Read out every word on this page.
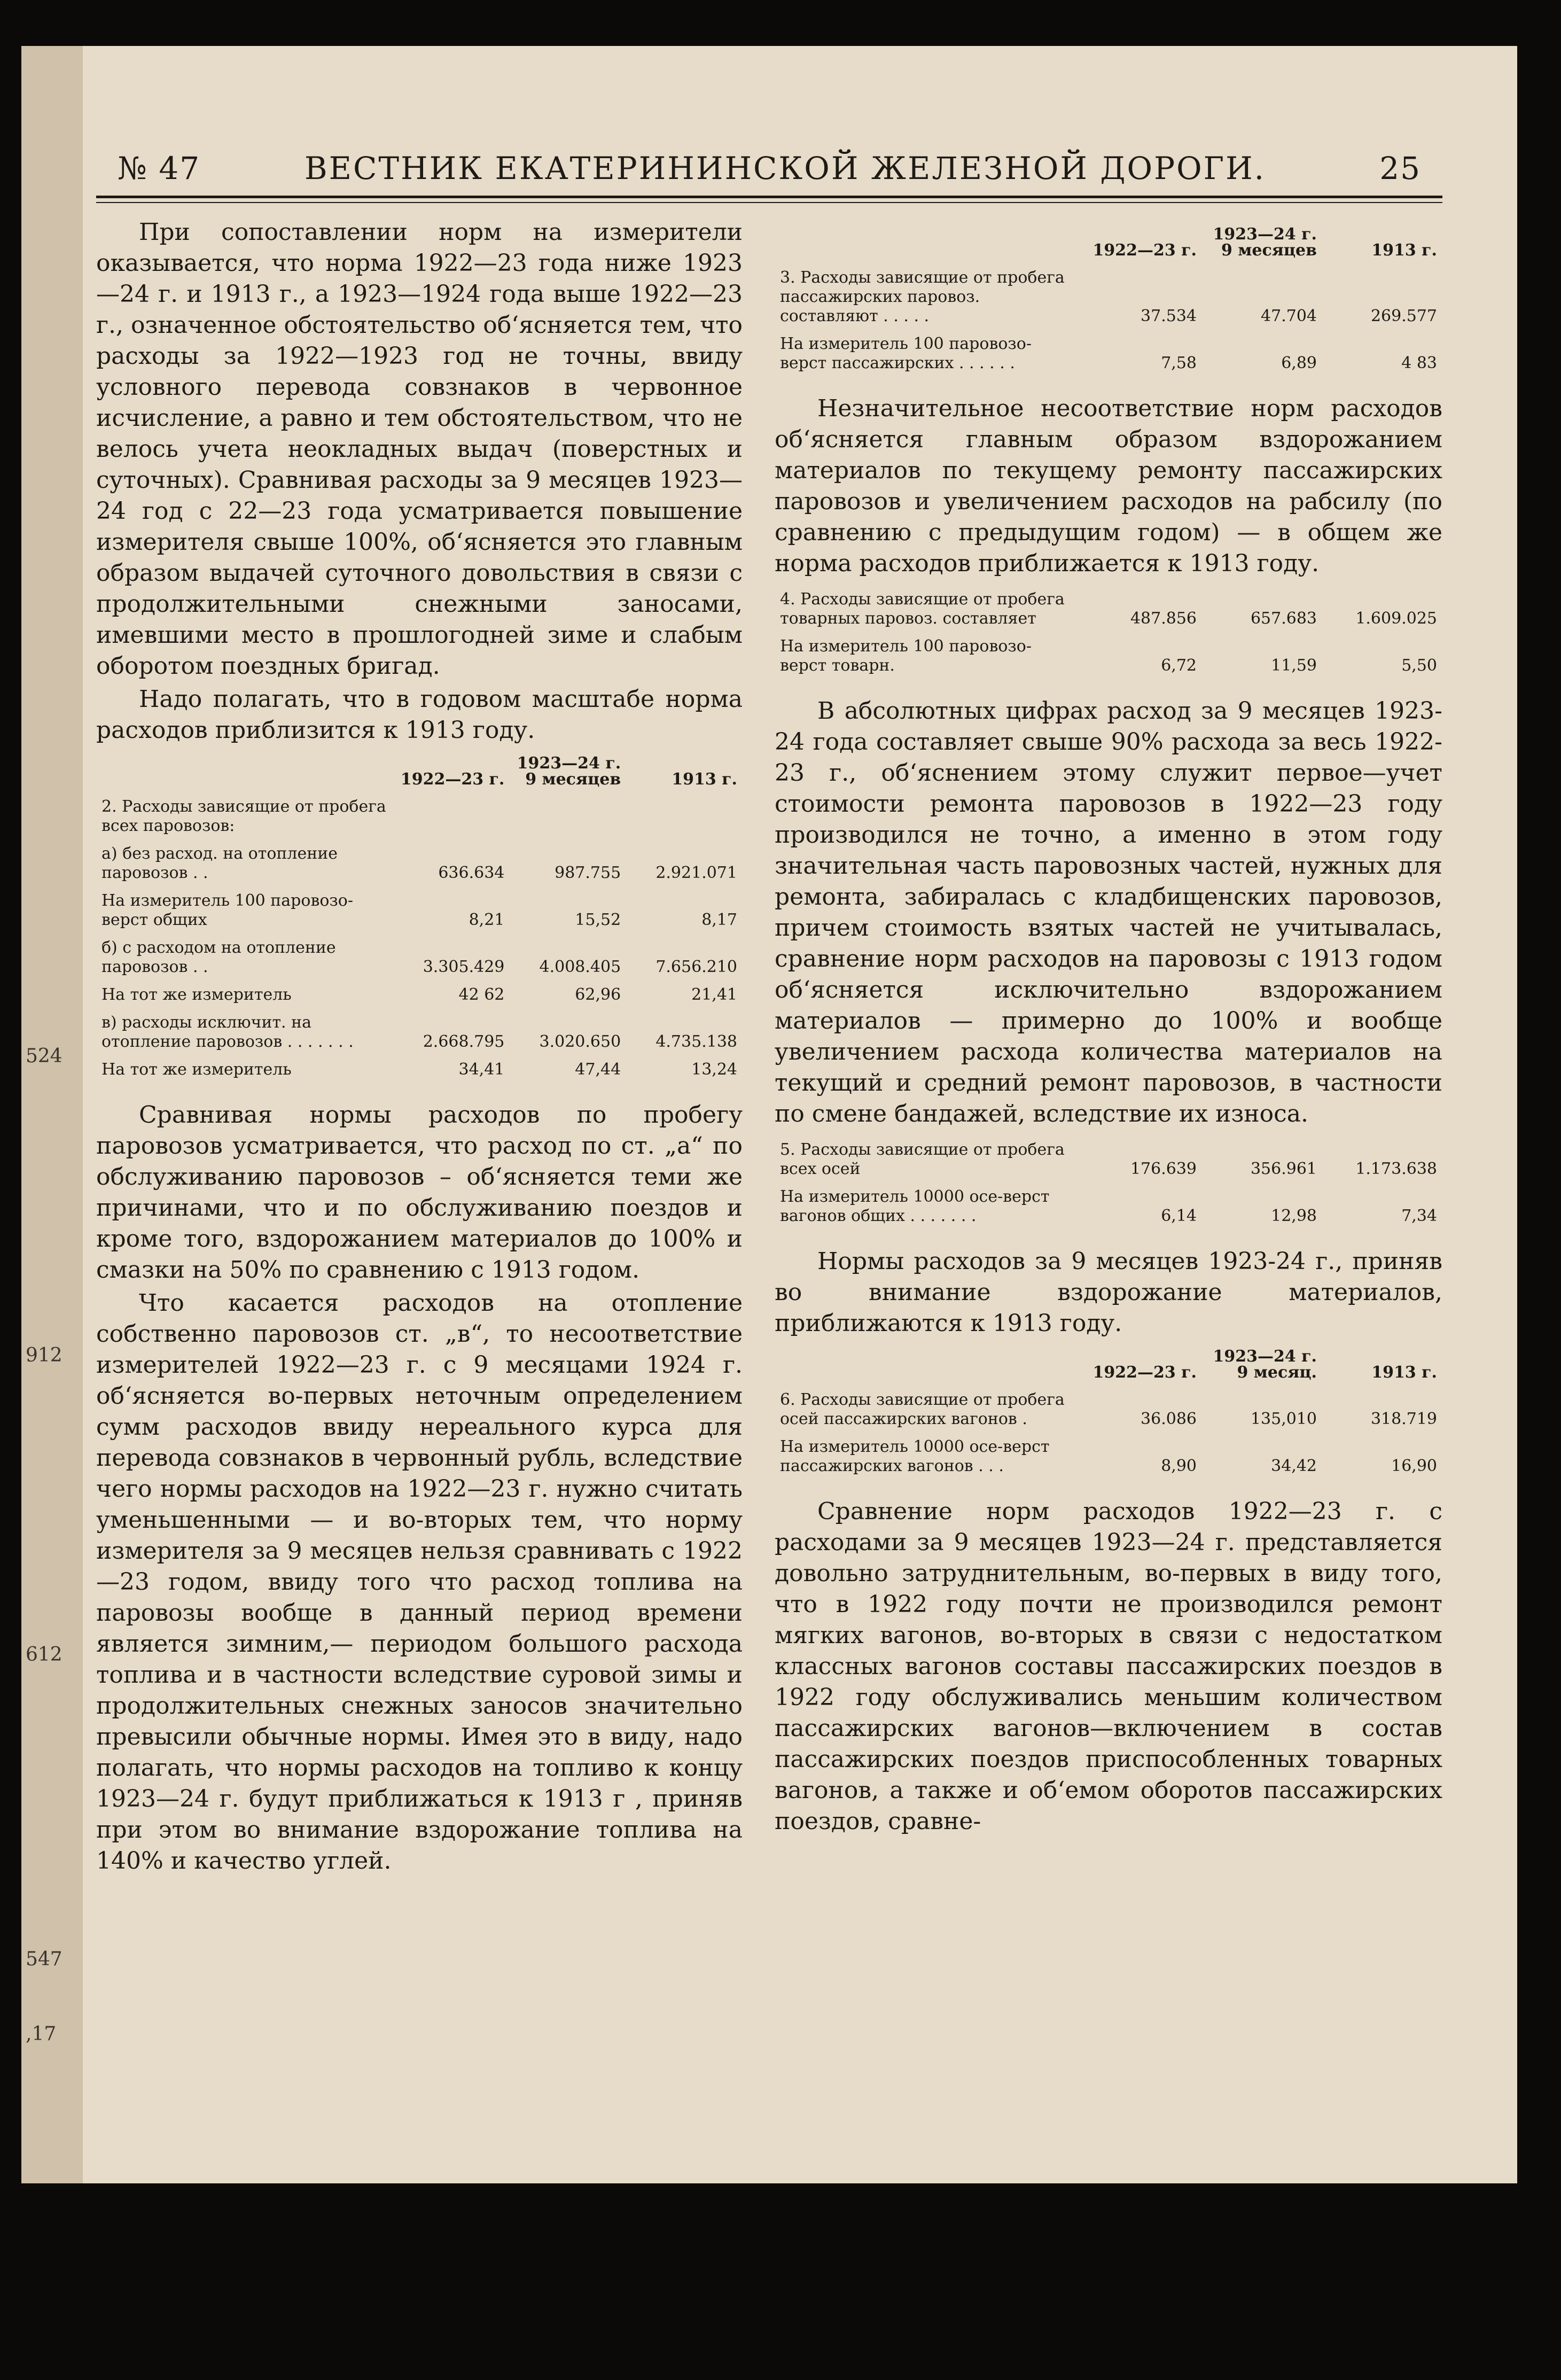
524
912
612
547
,17
№ 47	ВЕСТНИК ЕКАТЕРИНИНСКОЙ ЖЕЛЕЗНОЙ ДОРОГИ.	25

При сопоставлении норм на измерители оказывается, что норма 1922—23 года ниже 1923—24 г. и 1913 г., а 1923—1924 года выше 1922—23 г., означенное обстоятельство об‘ясняется тем, что расходы за 1922—1923 год не точны, ввиду условного перевода совзнаков в червонное исчисление, а равно и тем обстоятельством, что не велось учета неокладных выдач (поверстных и суточных). Сравнивая расходы за 9 месяцев 1923—24 год с 22—23 года усматривается повышение измерителя свыше 100%, об‘ясняется это главным образом выдачей суточного довольствия в связи с продолжительными снежными заносами, имевшими место в прошлогодней зиме и слабым оборотом поездных бригад.

Надо полагать, что в годовом масштабе норма расходов приблизится к 1913 году.

	1922—23 г.	1923—24 г. 9 месяцев	1913 г.
2. Расходы зависящие от пробега всех паровозов:			
а) без расход. на отопление паровозов . .	636.634	987.755	2.921.071
На измеритель 100 паровозо-верст общих	8,21	15,52	8,17
б) с расходом на отопление паровозов . .	3.305.429	4.008.405	7.656.210
На тот же измеритель	42 62	62,96	21,41
в) расходы исключит. на отопление паровозов . . . . . . .	2.668.795	3.020.650	4.735.138
На тот же измеритель	34,41	47,44	13,24

Сравнивая нормы расходов по пробегу паровозов усматривается, что расход по ст. „а“ по обслуживанию паровозов – об‘ясняется теми же причинами, что и по обслуживанию поездов и кроме того, вздорожанием материалов до 100% и смазки на 50% по сравнению с 1913 годом.

Что касается расходов на отопление собственно паровозов ст. „в“, то несоответствие измерителей 1922—23 г. с 9 месяцами 1924 г. об‘ясняется во-первых неточным определением сумм расходов ввиду нереального курса для перевода совзнаков в червонный рубль, вследствие чего нормы расходов на 1922—23 г. нужно считать уменьшенными — и во-вторых тем, что норму измерителя за 9 месяцев нельзя сравнивать с 1922—23 годом, ввиду того что расход топлива на паровозы вообще в данный период времени является зимним,— периодом большого расхода топлива и в частности вследствие суровой зимы и продолжительных снежных заносов значительно превысили обычные нормы. Имея это в виду, надо полагать, что нормы расходов на топливо к концу 1923—24 г. будут приближаться к 1913 г , приняв при этом во внимание вздорожание топлива на 140% и качество углей.

	1922—23 г.	1923—24 г. 9 месяцев	1913 г.
3. Расходы зависящие от пробега пассажирских паровоз. составляют . . . . .	37.534	47.704	269.577
На измеритель 100 паровозо-верст пассажирских . . . . . .	7,58	6,89	4 83

Незначительное несоответствие норм расходов об‘ясняется главным образом вздорожанием материалов по текущему ремонту пассажирских паровозов и увеличением расходов на рабсилу (по сравнению с предыдущим годом) — в общем же норма расходов приближается к 1913 году.

4. Расходы зависящие от пробега товарных паровоз. составляет	487.856	657.683	1.609.025
На измеритель 100 паровозо-верст товарн.	6,72	11,59	5,50

В абсолютных цифрах расход за 9 месяцев 1923-24 года составляет свыше 90% расхода за весь 1922-23 г., об‘яснением этому служит первое—учет стоимости ремонта паровозов в 1922—23 году производился не точно, а именно в этом году значительная часть паровозных частей, нужных для ремонта, забиралась с кладбищенских паровозов, причем стоимость взятых частей не учитывалась, сравнение норм расходов на паровозы с 1913 годом об‘ясняется исключительно вздорожанием материалов — примерно до 100% и вообще увеличением расхода количества материалов на текущий и средний ремонт паровозов, в частности по смене бандажей, вследствие их износа.

5. Расходы зависящие от пробега всех осей	176.639	356.961	1.173.638
На измеритель 10000 осе-верст вагонов общих . . . . . . .	6,14	12,98	7,34

Нормы расходов за 9 месяцев 1923-24 г., приняв во внимание вздорожание материалов, приближаются к 1913 году.

	1922—23 г.	1923—24 г. 9 месяц.	1913 г.
6. Расходы зависящие от пробега осей пассажирских вагонов .	36.086	135,010	318.719
На измеритель 10000 осе-верст пассажирских вагонов . . .	8,90	34,42	16,90

Сравнение норм расходов 1922—23 г. с расходами за 9 месяцев 1923—24 г. представляется довольно затруднительным, во-первых в виду того, что в 1922 году почти не производился ремонт мягких вагонов, во-вторых в связи с недостатком классных вагонов составы пассажирских поездов в 1922 году обслуживались меньшим количеством пассажирских вагонов—включением в состав пассажирских поездов приспособленных товарных вагонов, а также и об‘емом оборотов пассажирских поездов, сравне-
